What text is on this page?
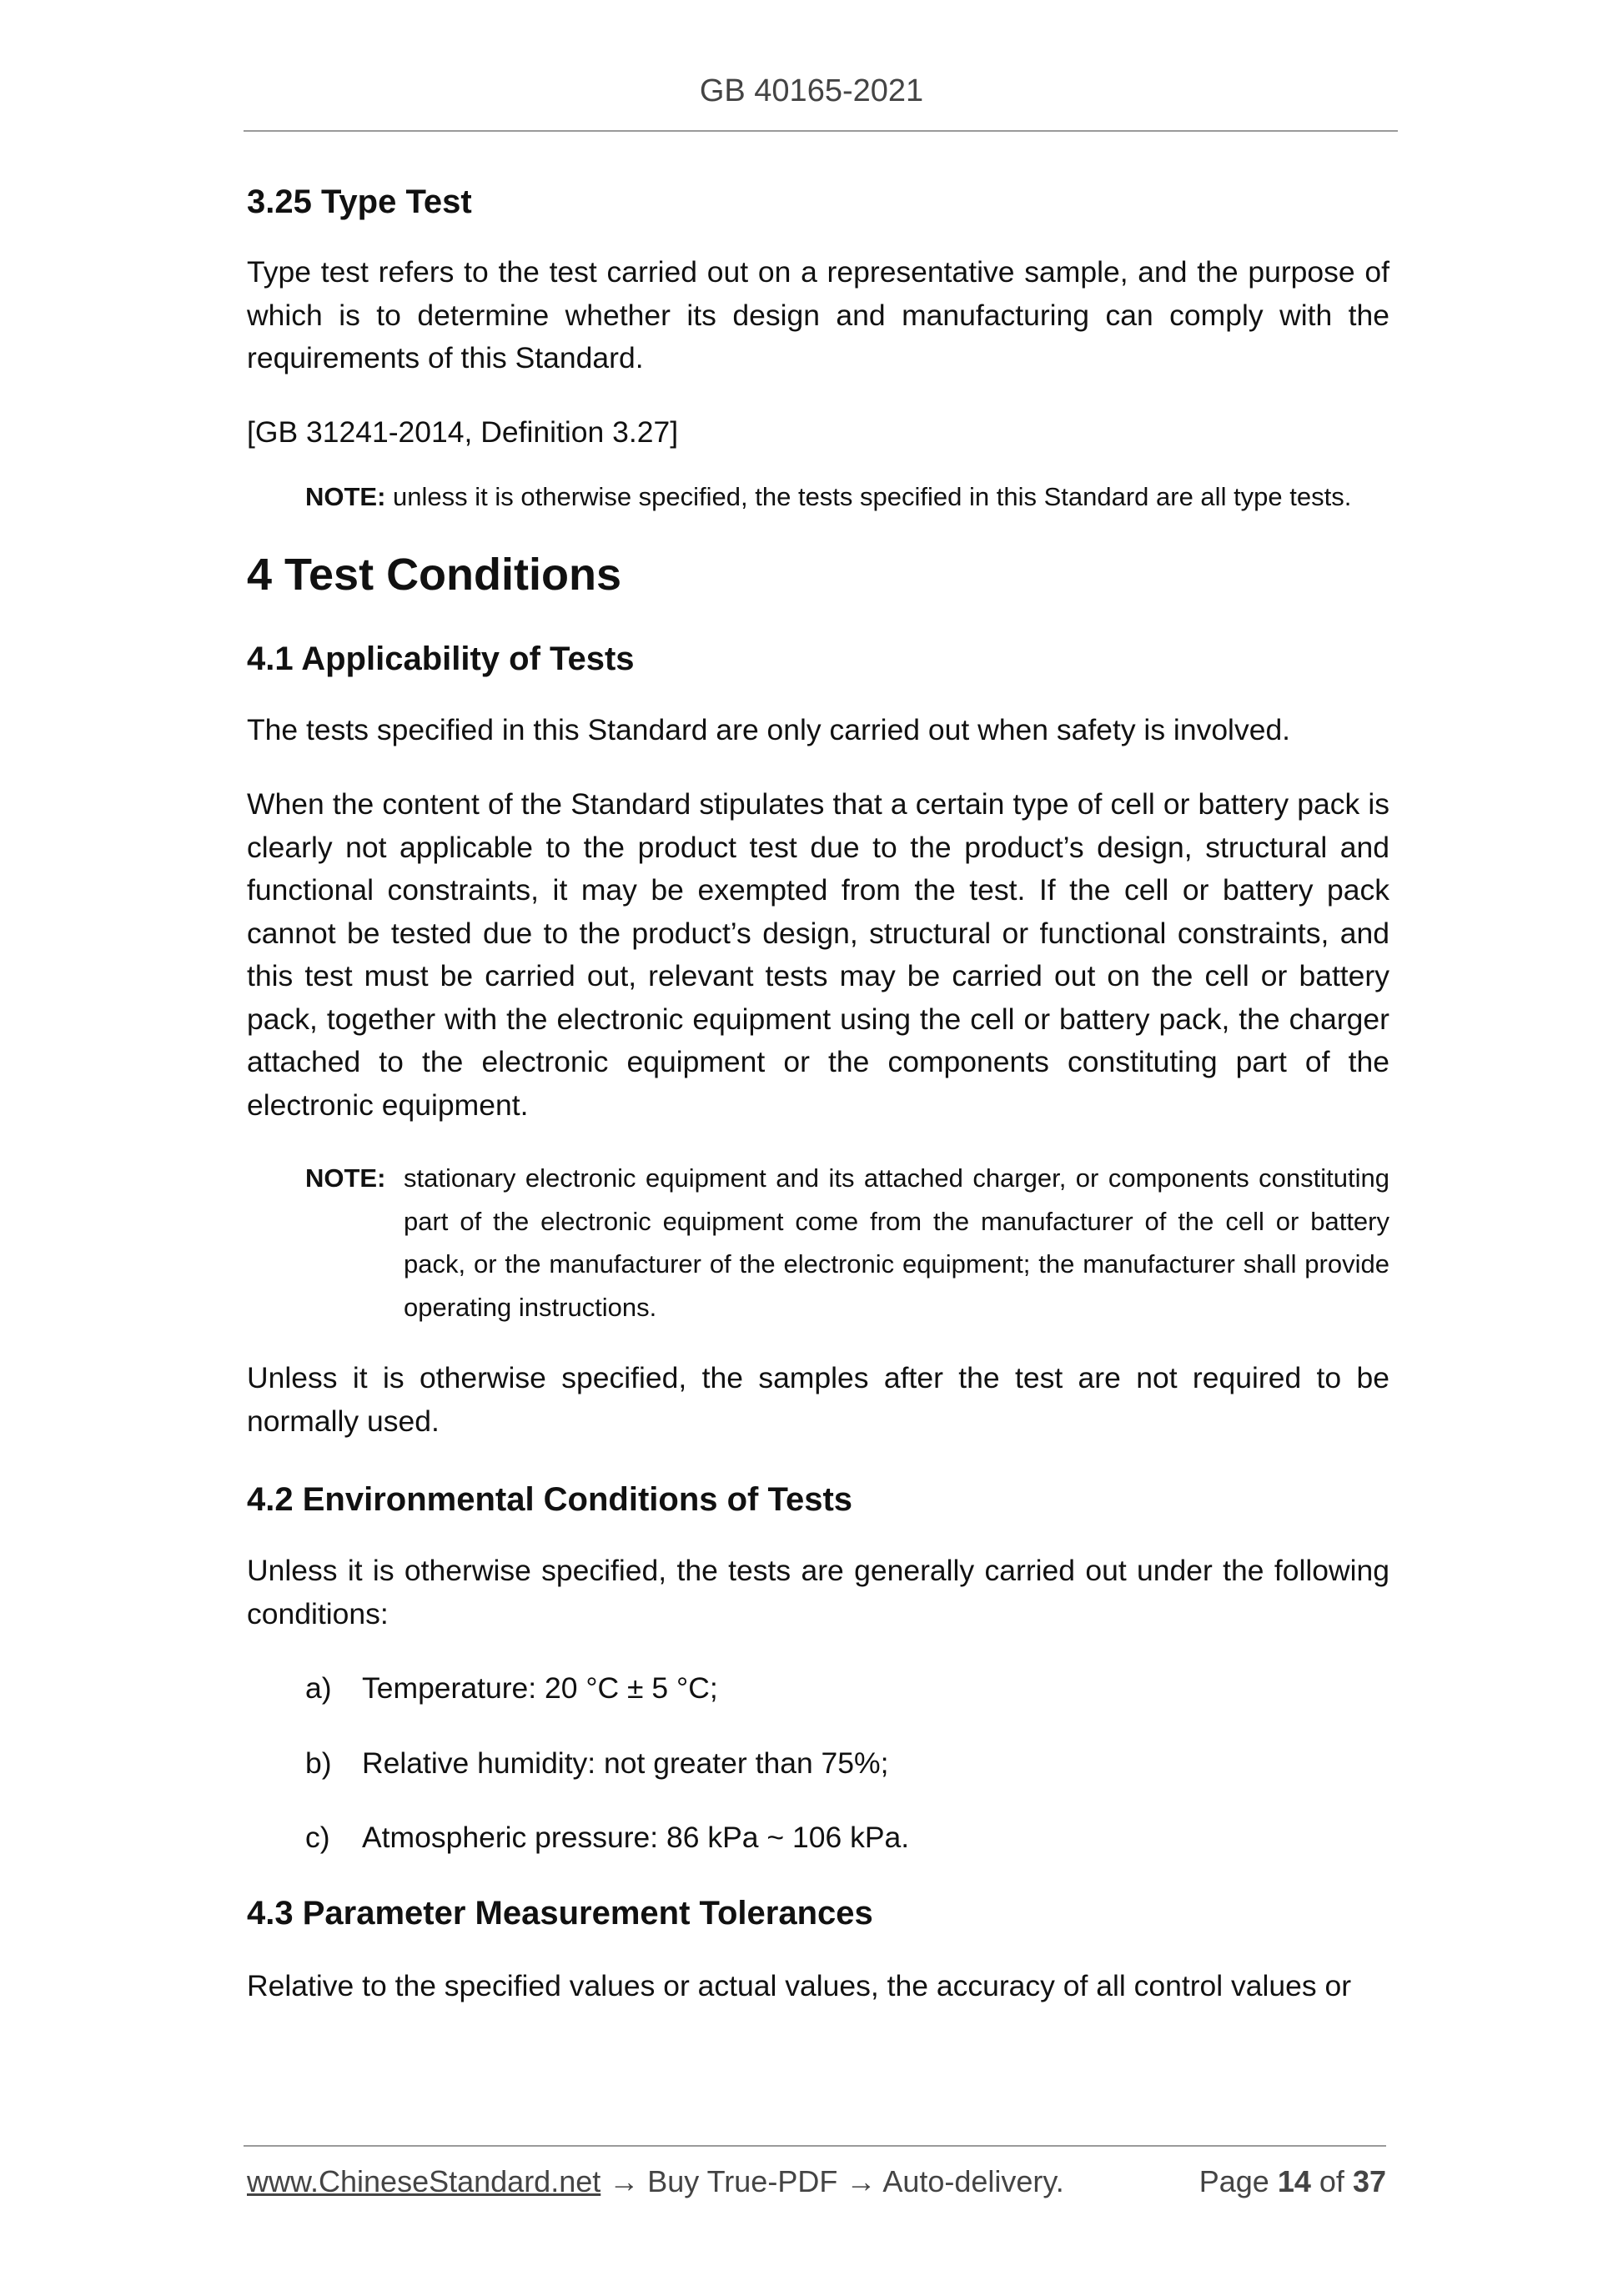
GB 40165-2021
3.25 Type Test

Type test refers to the test carried out on a representative sample, and the purpose of which is to determine whether its design and manufacturing can comply with the requirements of this Standard.

[GB 31241-2014, Definition 3.27]

NOTE: unless it is otherwise specified, the tests specified in this Standard are all type tests.
4 Test Conditions
4.1 Applicability of Tests

The tests specified in this Standard are only carried out when safety is involved.

When the content of the Standard stipulates that a certain type of cell or battery pack is clearly not applicable to the product test due to the product’s design, structural and functional constraints, it may be exempted from the test. If the cell or battery pack cannot be tested due to the product’s design, structural or functional constraints, and this test must be carried out, relevant tests may be carried out on the cell or battery pack, together with the electronic equipment using the cell or battery pack, the charger attached to the electronic equipment or the components constituting part of the electronic equipment.

NOTE: stationary electronic equipment and its attached charger, or components constituting part of the electronic equipment come from the manufacturer of the cell or battery pack, or the manufacturer of the electronic equipment; the manufacturer shall provide operating instructions.

Unless it is otherwise specified, the samples after the test are not required to be normally used.

4.2 Environmental Conditions of Tests

Unless it is otherwise specified, the tests are generally carried out under the following conditions:

a)	Temperature: 20 °C ± 5 °C;
b)	Relative humidity: not greater than 75%;
c)	Atmospheric pressure: 86 kPa ~ 106 kPa.
4.3 Parameter Measurement Tolerances

Relative to the specified values or actual values, the accuracy of all control values or

www.ChineseStandard.net → Buy True-PDF → Auto-delivery.	Page 14 of 37
